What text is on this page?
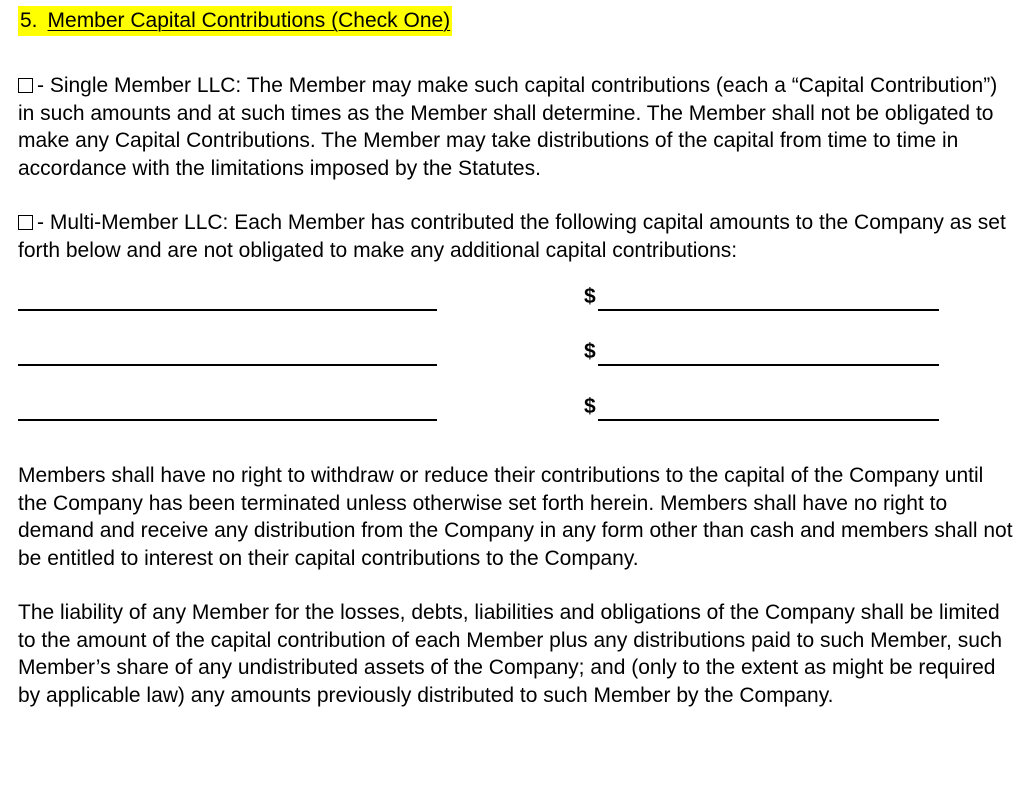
5. Member Capital Contributions (Check One)

- Single Member LLC: The Member may make such capital contributions (each a “Capital Contribution”) in such amounts and at such times as the Member shall determine. The Member shall not be obligated to make any Capital Contributions. The Member may take distributions of the capital from time to time in accordance with the limitations imposed by the Statutes.

- Multi-Member LLC: Each Member has contributed the following capital amounts to the Company as set forth below and are not obligated to make any additional capital contributions:

$
$
$

Members shall have no right to withdraw or reduce their contributions to the capital of the Company until the Company has been terminated unless otherwise set forth herein. Members shall have no right to demand and receive any distribution from the Company in any form other than cash and members shall not be entitled to interest on their capital contributions to the Company.

The liability of any Member for the losses, debts, liabilities and obligations of the Company shall be limited to the amount of the capital contribution of each Member plus any distributions paid to such Member, such Member’s share of any undistributed assets of the Company; and (only to the extent as might be required by applicable law) any amounts previously distributed to such Member by the Company.
